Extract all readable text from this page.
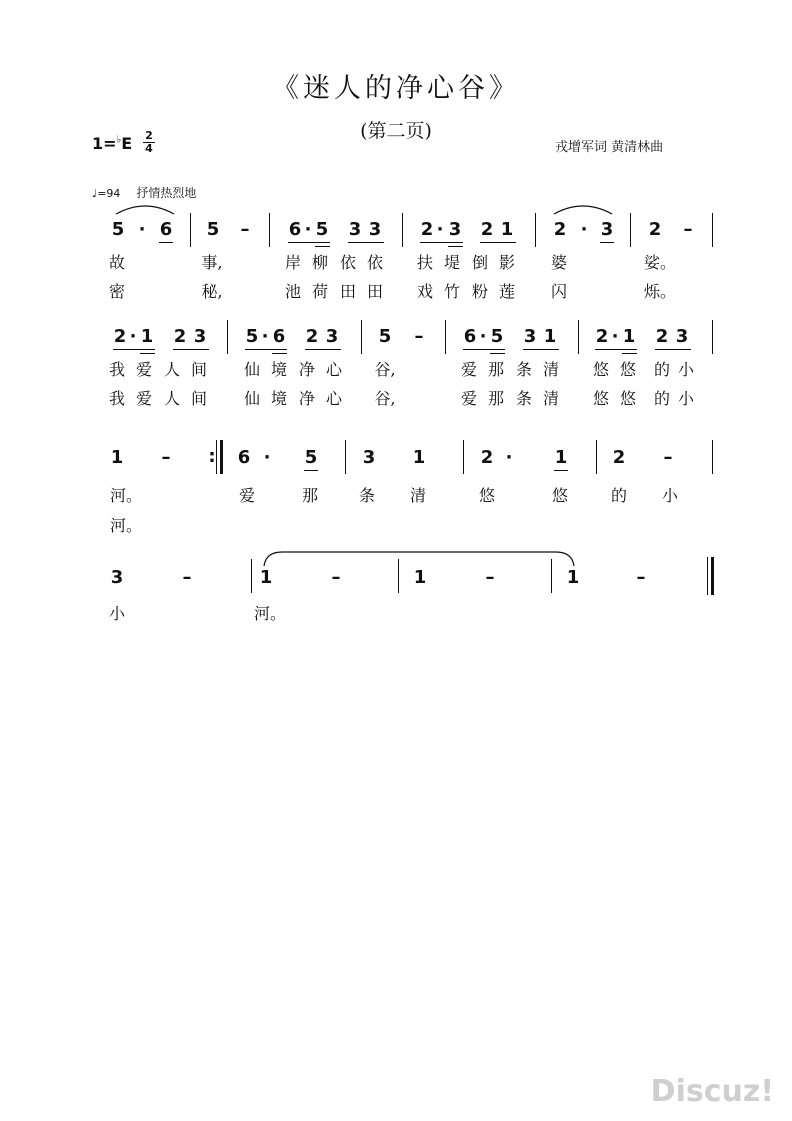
《迷人的净心谷》
(第二页)
1=♭E 2
4	戎增军词 黄清林曲
♩=94 抒情热烈地
5 · 6 5 – 6 · 5 3 3 2 · 3 2 1 2 · 3 2 –
故	事,	岸 柳 依 依 扶 堤 倒 影 婆	娑。
密	秘,	池 荷 田 田 戏 竹 粉 莲 闪	烁。
2 · 1 2 3 5 · 6 2 3 5 – 6 · 5 3 1 2 · 1 2 3
我 爱 人 间 仙 境 净 心 谷,	爱 那 条 清 悠 悠 的 小
我 爱 人 间 仙 境 净 心 谷,	爱 那 条 清 悠 悠 的 小
1 – : 6 ·	5	3 1	2 ·	1	2 –
河。	爱	那	条 清	悠	悠	的 小
河。
3	–	1	–	1	–	1	–
小	河。
Discuz!
